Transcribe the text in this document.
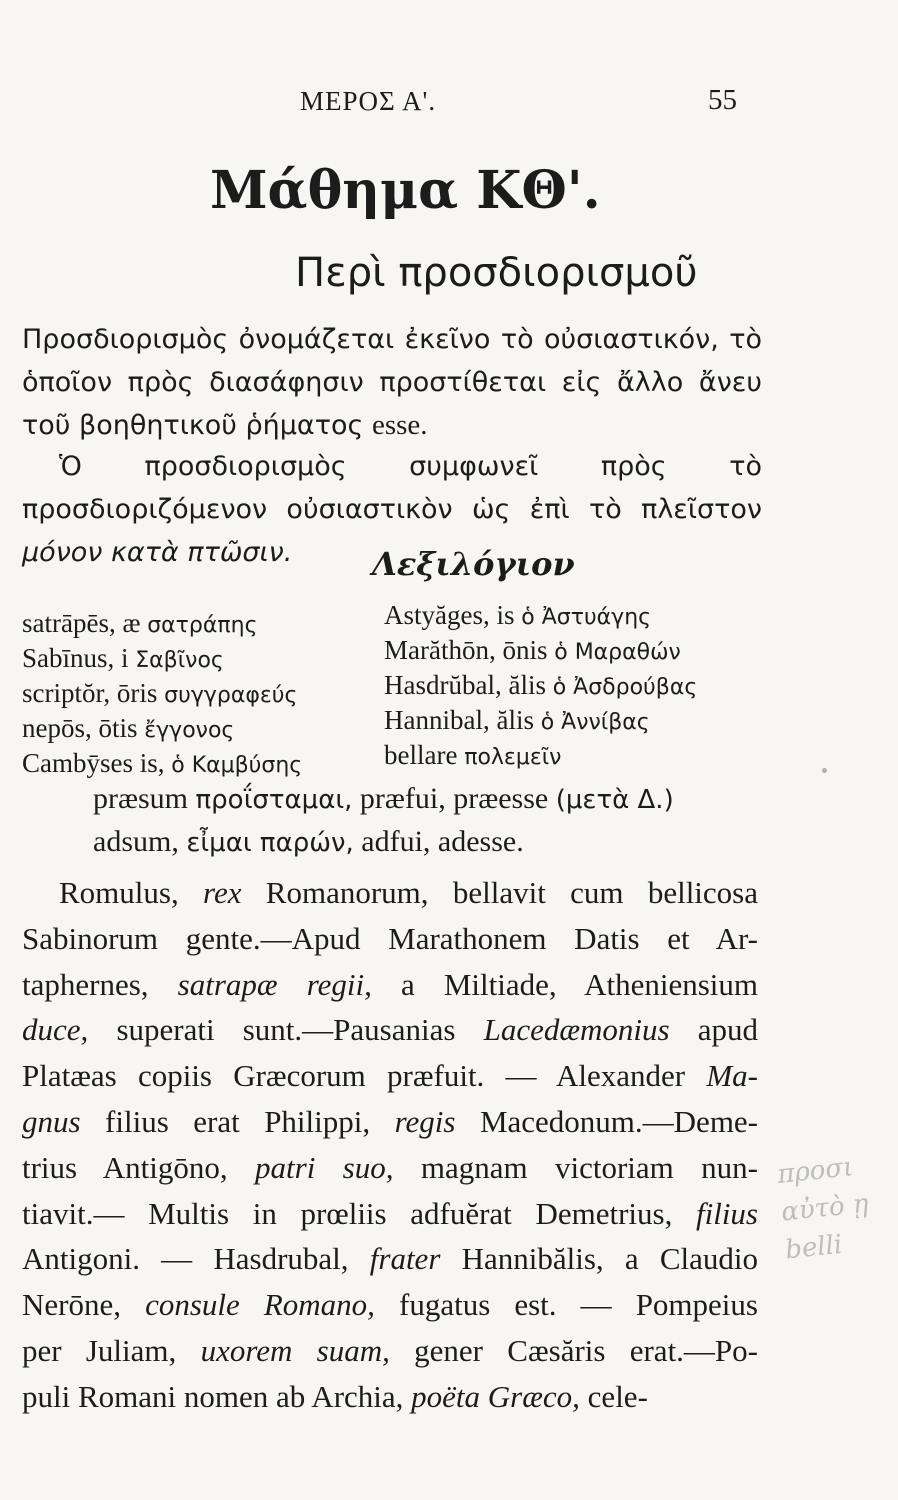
ΜΕΡΟΣ Α'.	55
Μάθημα ΚΘ'.
Περὶ προσδιορισμοῦ

Προσδιορισμὸς ὀνομάζεται ἐκεῖνο τὸ οὐσιαστικόν, τὸ ὁποῖον πρὸς διασάφησιν προστίθεται εἰς ἄλλο ἄνευ τοῦ βοηθητικοῦ ῥήματος esse.

Ὁ προσδιορισμὸς συμφωνεῖ πρὸς τὸ προσδιοριζόμενον οὐσιαστικὸν ὡς ἐπὶ τὸ πλεῖστον μόνον κατὰ πτῶσιν.	Λεξιλόγιον
satrāpēs, æ σατράπης
Sabīnus, i Σαβῖνος
scriptŏr, ōris συγγραφεύς
nepōs, ōtis ἔγγονος
Cambȳses is, ὁ Καμβύσης
Astyăges, is ὁ Ἀστυάγης
Marăthōn, ōnis ὁ Μαραθών
Hasdrŭbal, ălis ὁ Ἀσδρούβας
Hannibal, ălis ὁ Ἀννίβας
bellare πολεμεῖν
præsum προΐσταμαι, præfui, præesse (μετὰ Δ.)
adsum, εἶμαι παρών, adfui, adesse.
Romulus, rex Romanorum, bellavit cum bellicosa
Sabinorum gente.—Apud Marathonem Datis et Ar-
taphernes, satrapæ regii, a Miltiade, Atheniensium
duce, superati sunt.—Pausanias Lacedæmonius apud
Platæas copiis Græcorum præfuit. — Alexander Ma-
gnus filius erat Philippi, regis Macedonum.—Deme-
trius Antigōno, patri suo, magnam victoriam nun-
tiavit.— Multis in prœliis adfuĕrat Demetrius, filius
Antigoni. — Hasdrubal, frater Hannibălis, a Claudio
Nerōne, consule Romano, fugatus est. — Pompeius
per Juliam, uxorem suam, gener Cæsăris erat.—Po-
puli Romani nomen ab Archia, poëta Græco, cele-
προσι
αὐτὸ ῃ
belli
